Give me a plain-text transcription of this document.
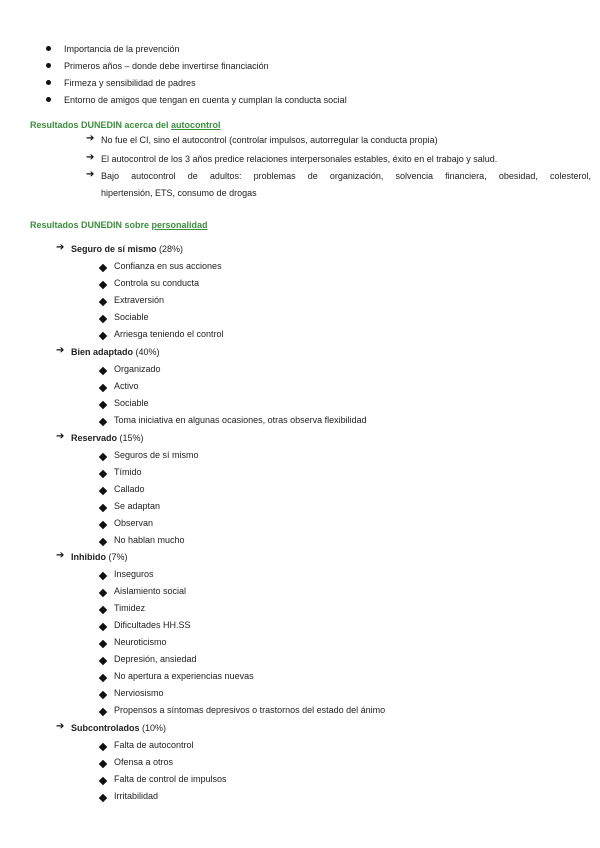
Importancia de la prevención
Primeros años – donde debe invertirse financiación
Firmeza y sensibilidad de padres
Entorno de amigos que tengan en cuenta y cumplan la conducta social
Resultados DUNEDIN acerca del autocontrol
➔ No fue el CI, sino el autocontrol (controlar impulsos, autorregular la conducta propia)
➔ El autocontrol de los 3 años predice relaciones interpersonales estables, éxito en el trabajo y salud.
➔ Bajo autocontrol de adultos: problemas de organización, solvencia financiera, obesidad, colesterol,
hipertensión, ETS, consumo de drogas
Resultados DUNEDIN sobre personalidad
➔ Seguro de sí mismo (28%)
Confianza en sus acciones
Controla su conducta
Extraversión
Sociable
Arriesga teniendo el control
➔ Bien adaptado (40%)
Organizado
Activo
Sociable
Toma iniciativa en algunas ocasiones, otras observa flexibilidad
➔ Reservado (15%)
Seguros de sí mismo
Tímido
Callado
Se adaptan
Observan
No hablan mucho
➔ Inhibido (7%)
Inseguros
Aislamiento social
Timidez
Dificultades HH.SS
Neuroticismo
Depresión, ansiedad
No apertura a experiencias nuevas
Nerviosismo
Propensos a síntomas depresivos o trastornos del estado del ánimo
➔ Subcontrolados (10%)
Falta de autocontrol
Ofensa a otros
Falta de control de impulsos
Irritabilidad
